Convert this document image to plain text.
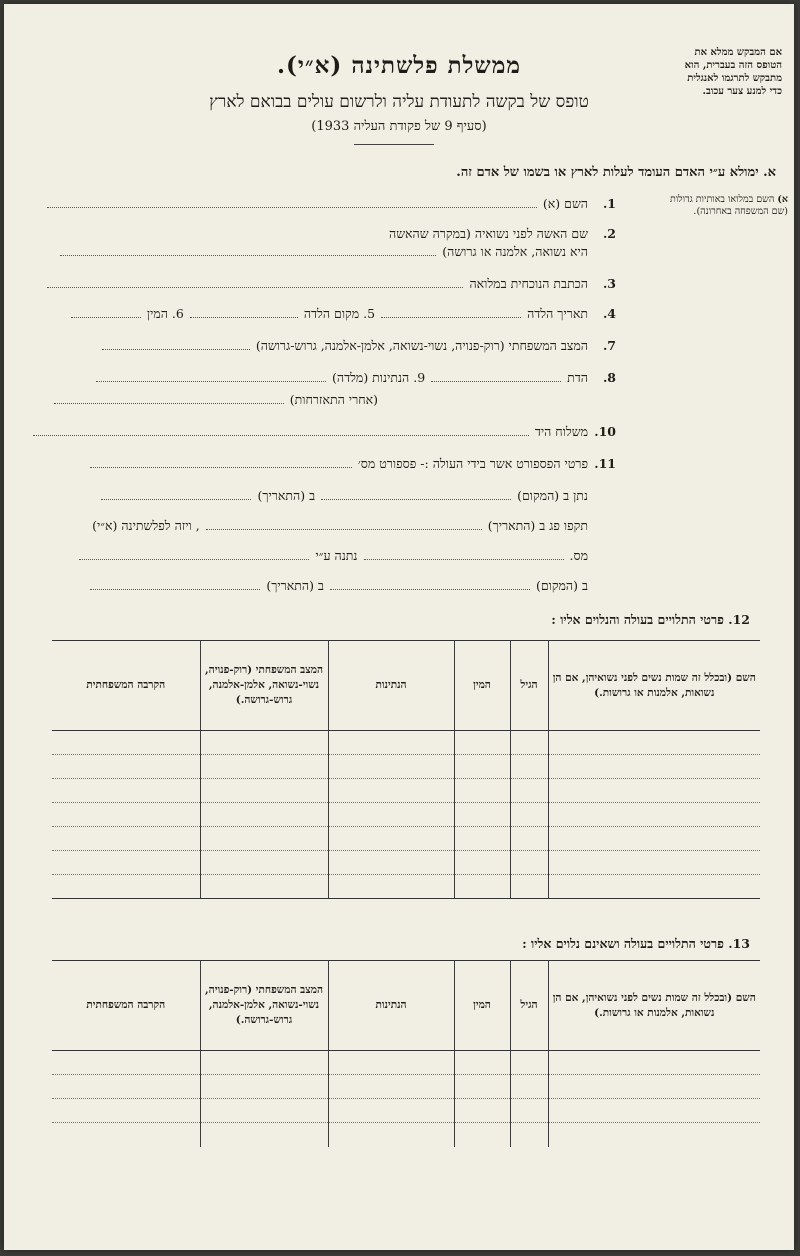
אם המבקש ממלא את
הטופס הזה בעברית, הוא
מתבקש לתרגמו לאנגלית
כדי למנע צער עכוב.
ממשלת פלשתינה (א״י).
טופס של בקשה לתעודת עליה ולרשום עולים בבואם לארץ
(סעיף 9 של פקודת העליה 1933)
א. ימולא ע״י האדם העומד לעלות לארץ או בשמו של אדם זה.
א) השם במלואו באותיות גדולות
(שם המשפחה באחרונה).
1.
השם (א)
2.
שם האשה לפני נשואיה (במקרה שהאשה
היא נשואה, אלמנה או גרושה)
3.
הכתבת הנוכחית במלואה
4.
תאריך הלדה
5.
מקום הלדה
6.
המין
7.
המצב המשפחתי (רוק-פנויה, נשוי-נשואה, אלמן-אלמנה, גרוש-גרושה)
8.
הדת
9.
הנתינות (מלדה)
(אחרי התאזרחות)
10.
משלוח היד
11.
פרטי הפספורט אשר בידי העולה :- פספורט מס׳
נתן ב (המקום)
ב (התאריך)
תקפו פג ב (התאריך)
, ויזה לפלשתינה (א״י)
מס.
נתנה ע״י
ב (המקום)
ב (התאריך)
12. פרטי התלויים בעולה והנלוים אליו :
השם (ובכלל זה שמות נשים לפני נשואיהן, אם הן נשואות, אלמנות או גרושות.)	הגיל	המין	הנתינות	המצב המשפחתי (רוק-פנויה, נשוי-נשואה, אלמן-אלמנה, גרוש-גרושה.)	הקרבה המשפחתית

13. פרטי התלויים בעולה ושאינם נלוים אליו :
השם (ובכלל זה שמות נשים לפני נשואיהן, אם הן נשואות, אלמנות או גרושות.)	הגיל	המין	הנתינות	המצב המשפחתי (רוק-פנויה, נשוי-נשואה, אלמן-אלמנה, גרוש-גרושה.)	הקרבה המשפחתית
